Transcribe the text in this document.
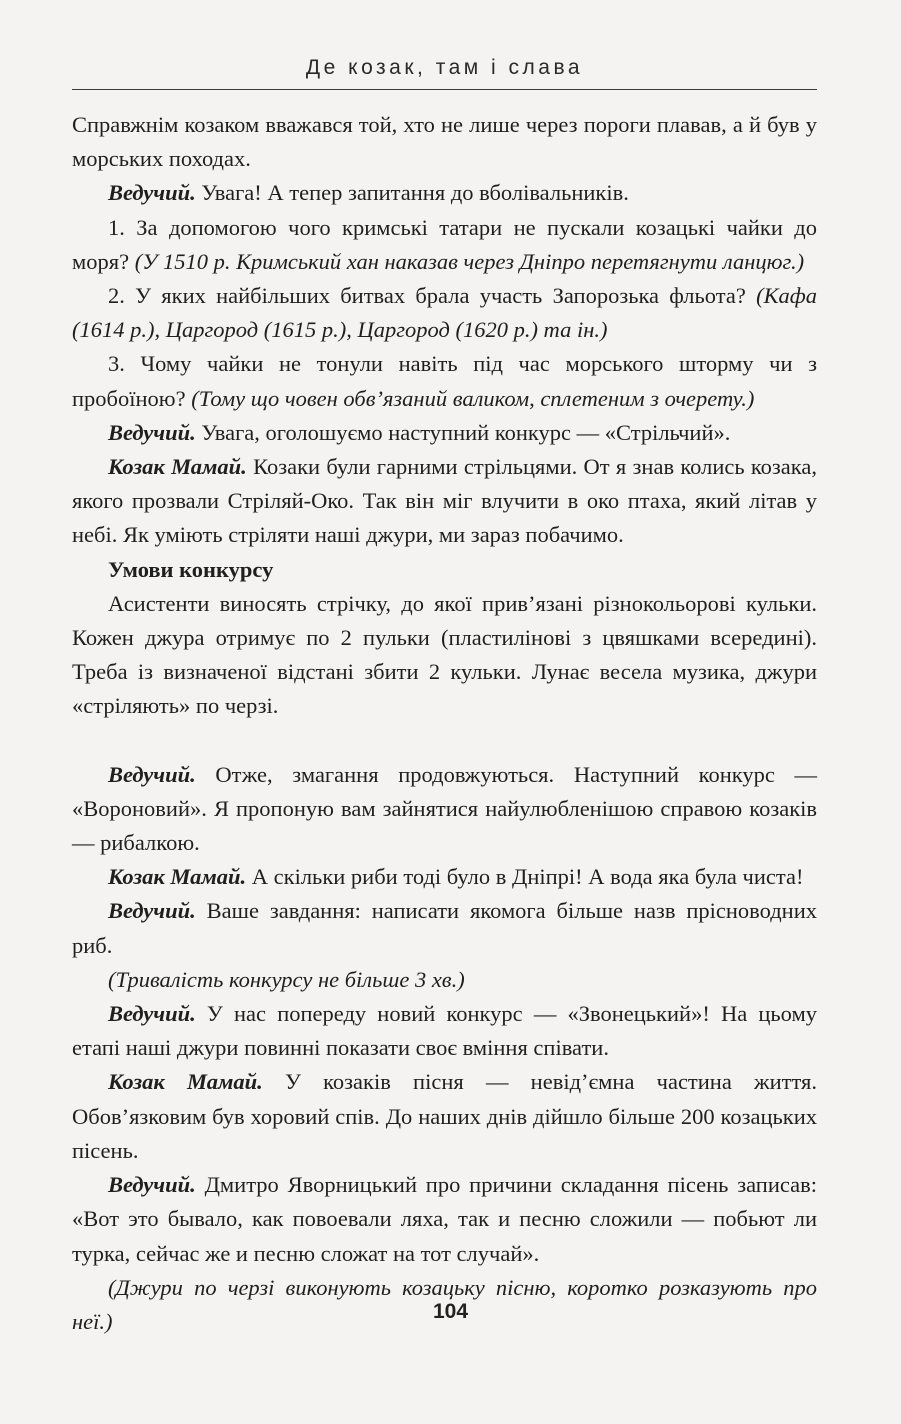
Де козак, там і слава

Справжнім козаком вважався той, хто не лише через пороги плавав, а й був у морських походах.

Ведучий. Увага! А тепер запитання до вболівальників.

1. За допомогою чого кримські татари не пускали козацькі чайки до моря? (У 1510 р. Кримський хан наказав через Дніпро перетягнути ланцюг.)

2. У яких найбільших битвах брала участь Запорозька фльота? (Кафа (1614 р.), Царгород (1615 р.), Царгород (1620 р.) та ін.)

3. Чому чайки не тонули навіть під час морського шторму чи з пробоїною? (Тому що човен обв’язаний валиком, сплетеним з очерету.)

Ведучий. Увага, оголошуємо наступний конкурс — «Стрільчий».

Козак Мамай. Козаки були гарними стрільцями. От я знав колись козака, якого прозвали Стріляй-Око. Так він міг влучити в око птаха, який літав у небі. Як уміють стріляти наші джури, ми зараз побачимо.

Умови конкурсу

Асистенти виносять стрічку, до якої прив’язані різнокольорові кульки. Кожен джура отримує по 2 пульки (пластилінові з цвяшками всередині). Треба із визначеної відстані збити 2 кульки. Лунає весела музика, джури «стріляють» по черзі.

Ведучий. Отже, змагання продовжуються. Наступний конкурс — «Вороновий». Я пропоную вам зайнятися найулюбленішою справою козаків — рибалкою.

Козак Мамай. А скільки риби тоді було в Дніпрі! А вода яка була чиста!

Ведучий. Ваше завдання: написати якомога більше назв прісноводних риб.

(Тривалість конкурсу не більше 3 хв.)

Ведучий. У нас попереду новий конкурс — «Звонецький»! На цьому етапі наші джури повинні показати своє вміння співати.

Козак Мамай. У козаків пісня — невід’ємна частина життя. Обов’язковим був хоровий спів. До наших днів дійшло більше 200 козацьких пісень.

Ведучий. Дмитро Яворницький про причини складання пісень записав: «Вот это бывало, как повоевали ляха, так и песню сложили — побьют ли турка, сейчас же и песню сложат на тот случай».

(Джури по черзі виконують козацьку пісню, коротко розказують про неї.)	104
